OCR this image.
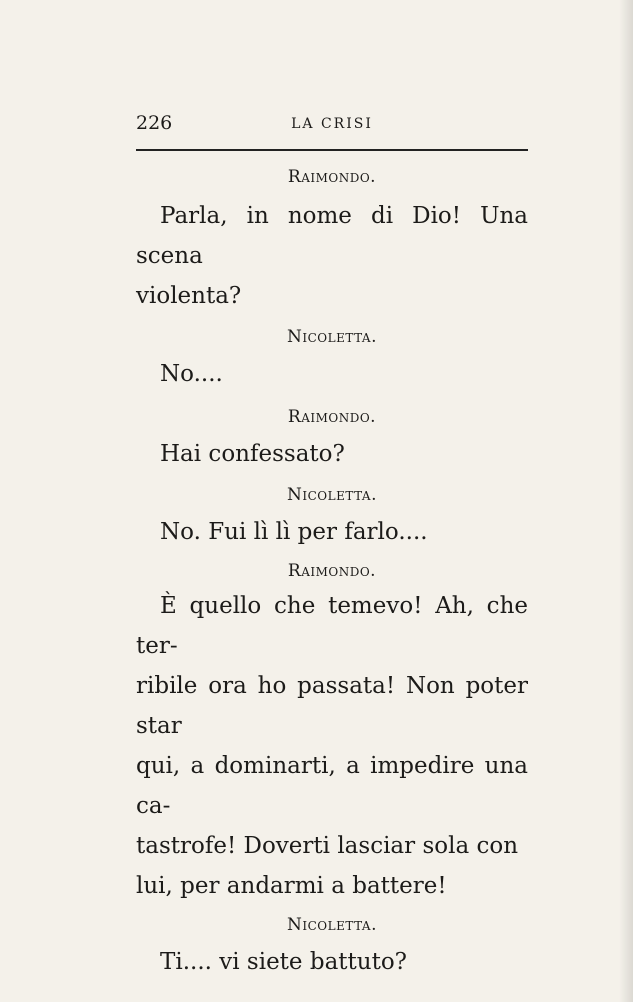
226	LA CRISI
Raimondo.
Parla, in nome di Dio! Una scena
violenta?
Nicoletta.
No....
Raimondo.
Hai confessato?
Nicoletta.
No. Fui lì lì per farlo....
Raimondo.
È quello che temevo! Ah, che ter-
ribile ora ho passata! Non poter star
qui, a dominarti, a impedire una ca-
tastrofe! Doverti lasciar sola con
lui, per andarmi a battere!
Nicoletta.
Ti.... vi siete battuto?
